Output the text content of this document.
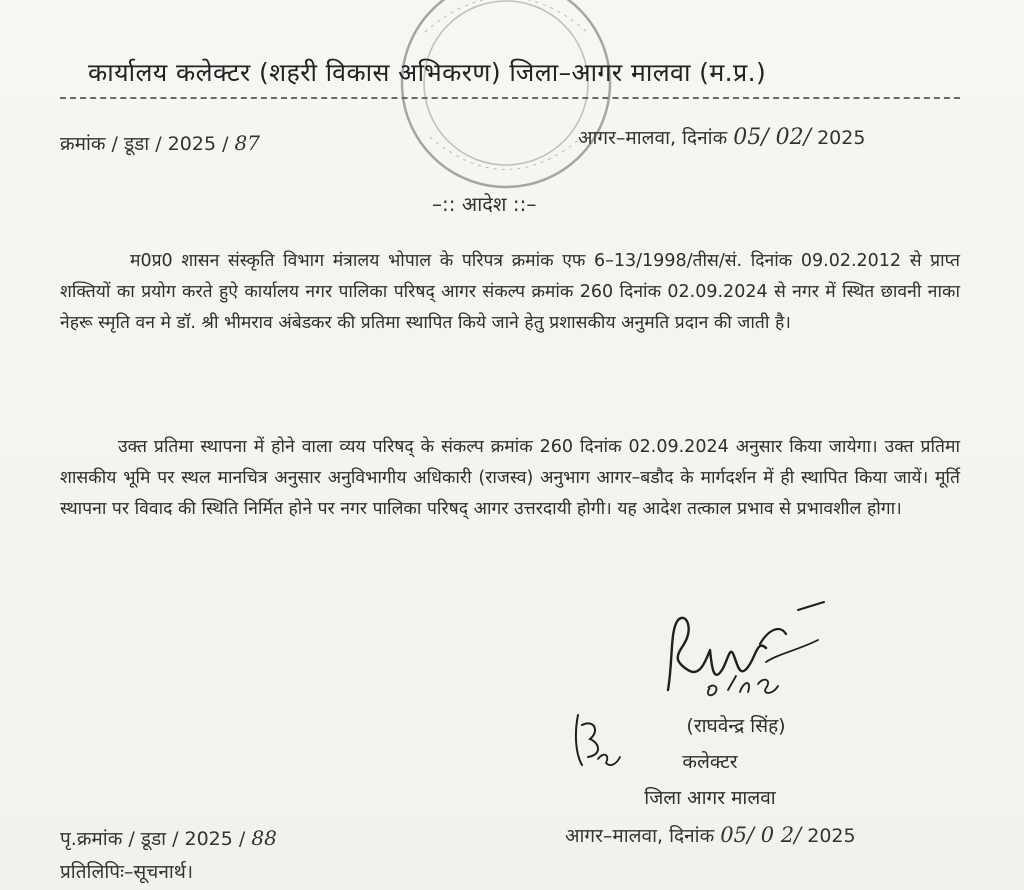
कार्यालय कलेक्टर (शहरी विकास अभिकरण) जिला–आगर मालवा (म.प्र.)
क्रमांक / डूडा / 2025 / 87	आगर–मालवा, दिनांक 05/ 02/ 2025
–:: आदेश ::–

म0प्र0 शासन संस्कृति विभाग मंत्रालय भोपाल के परिपत्र क्रमांक एफ 6–13/1998/तीस/सं. दिनांक 09.02.2012 से प्राप्त शक्तियों का प्रयोग करते हुऐ कार्यालय नगर पालिका परिषद् आगर संकल्प क्रमांक 260 दिनांक 02.09.2024 से नगर में स्थित छावनी नाका नेहरू स्मृति वन मे डॉ. श्री भीमराव अंबेडकर की प्रतिमा स्थापित किये जाने हेतु प्रशासकीय अनुमति प्रदान की जाती है।

उक्त प्रतिमा स्थापना में होने वाला व्यय परिषद् के संकल्प क्रमांक 260 दिनांक 02.09.2024 अनुसार किया जायेगा। उक्त प्रतिमा शासकीय भूमि पर स्थल मानचित्र अनुसार अनुविभागीय अधिकारी (राजस्व) अनुभाग आगर–बडौद के मार्गदर्शन में ही स्थापित किया जायें। मूर्ति स्थापना पर विवाद की स्थिति निर्मित होने पर नगर पालिका परिषद् आगर उत्तरदायी होगी। यह आदेश तत्काल प्रभाव से प्रभावशील होगा।

(राघवेन्द्र सिंह)
कलेक्टर
जिला आगर मालवा
पृ.क्रमांक / डूडा / 2025 / 88	आगर–मालवा, दिनांक 05/ 0 2/ 2025
प्रतिलिपिः–सूचनार्थ।
